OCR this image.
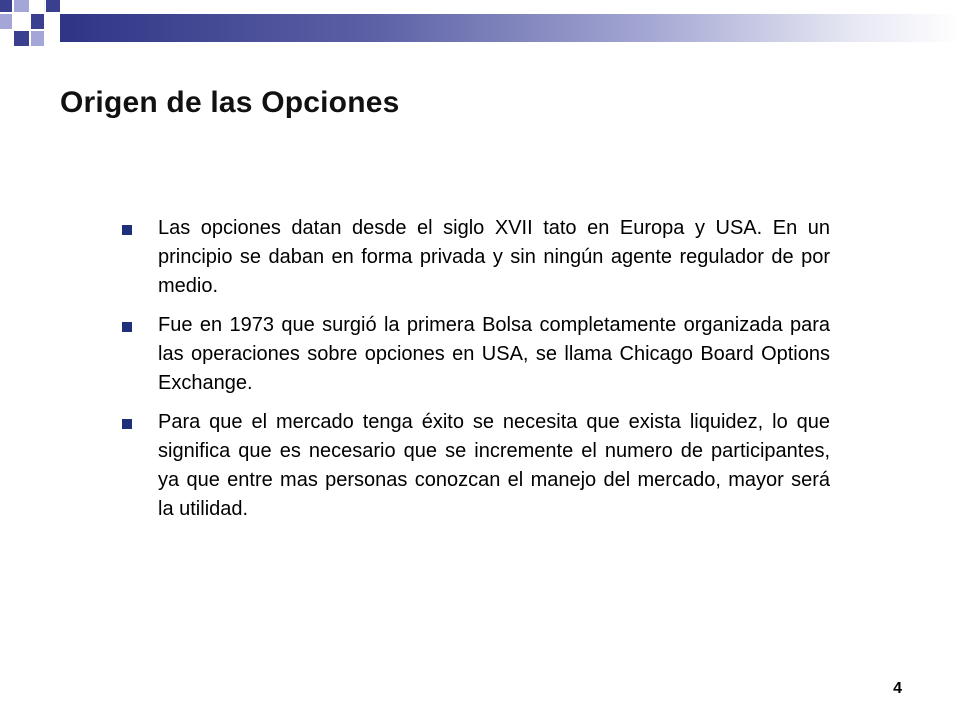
Origen de las Opciones
Las opciones datan desde el siglo XVII tato en Europa y USA. En un principio se daban en forma privada y sin ningún agente regulador de por medio.
Fue en 1973 que surgió la primera Bolsa completamente organizada para las operaciones sobre opciones en USA, se llama Chicago Board Options Exchange.
Para que el mercado tenga éxito se necesita que exista liquidez, lo que significa que es necesario que se incremente el numero de participantes, ya que entre mas personas conozcan el manejo del mercado, mayor será la utilidad.
4
